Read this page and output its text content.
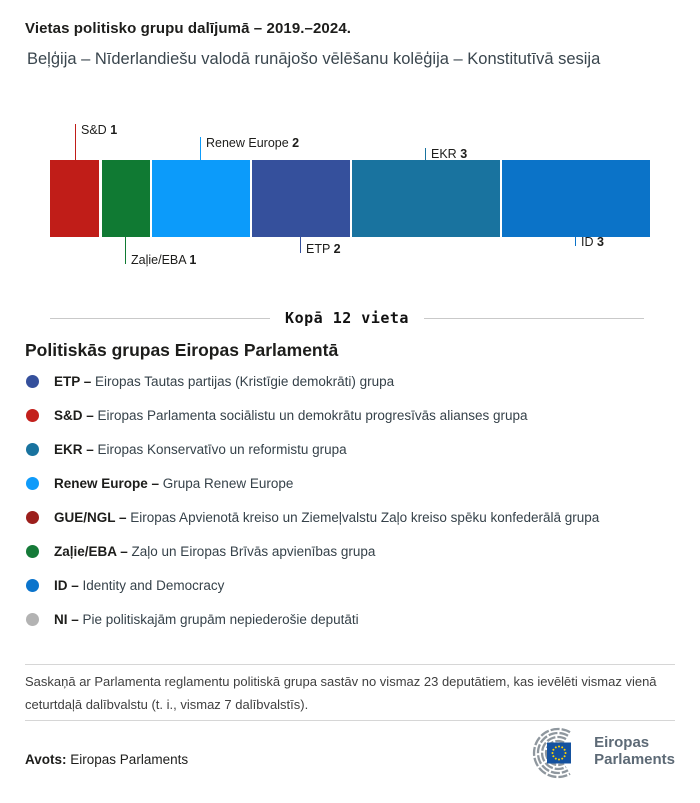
Vietas politisko grupu dalījumā – 2019.–2024.

Beļģija – Nīderlandiešu valodā runājošo vēlēšanu kolēģija – Konstitutīvā sesija

S&D 1
Zaļie/EBA 1
Renew Europe 2
ETP 2
EKR 3
ID 3
Kopā 12 vieta
Politiskās grupas Eiropas Parlamentā
ETP – Eiropas Tautas partijas (Kristīgie demokrāti) grupa
S&D – Eiropas Parlamenta sociālistu un demokrātu progresīvās alianses grupa
EKR – Eiropas Konservatīvo un reformistu grupa
Renew Europe – Grupa Renew Europe
GUE/NGL – Eiropas Apvienotā kreiso un Ziemeļvalstu Zaļo kreiso spēku konfederālā grupa
Zaļie/EBA – Zaļo un Eiropas Brīvās apvienības grupa
ID – Identity and Democracy
NI – Pie politiskajām grupām nepiederošie deputāti

Saskaņā ar Parlamenta reglamentu politiskā grupa sastāv no vismaz 23 deputātiem, kas ievēlēti vismaz vienā ceturtdaļā dalībvalstu (t. i., vismaz 7 dalībvalstīs).

Avots: Eiropas Parlaments
Eiropas
Parlaments
